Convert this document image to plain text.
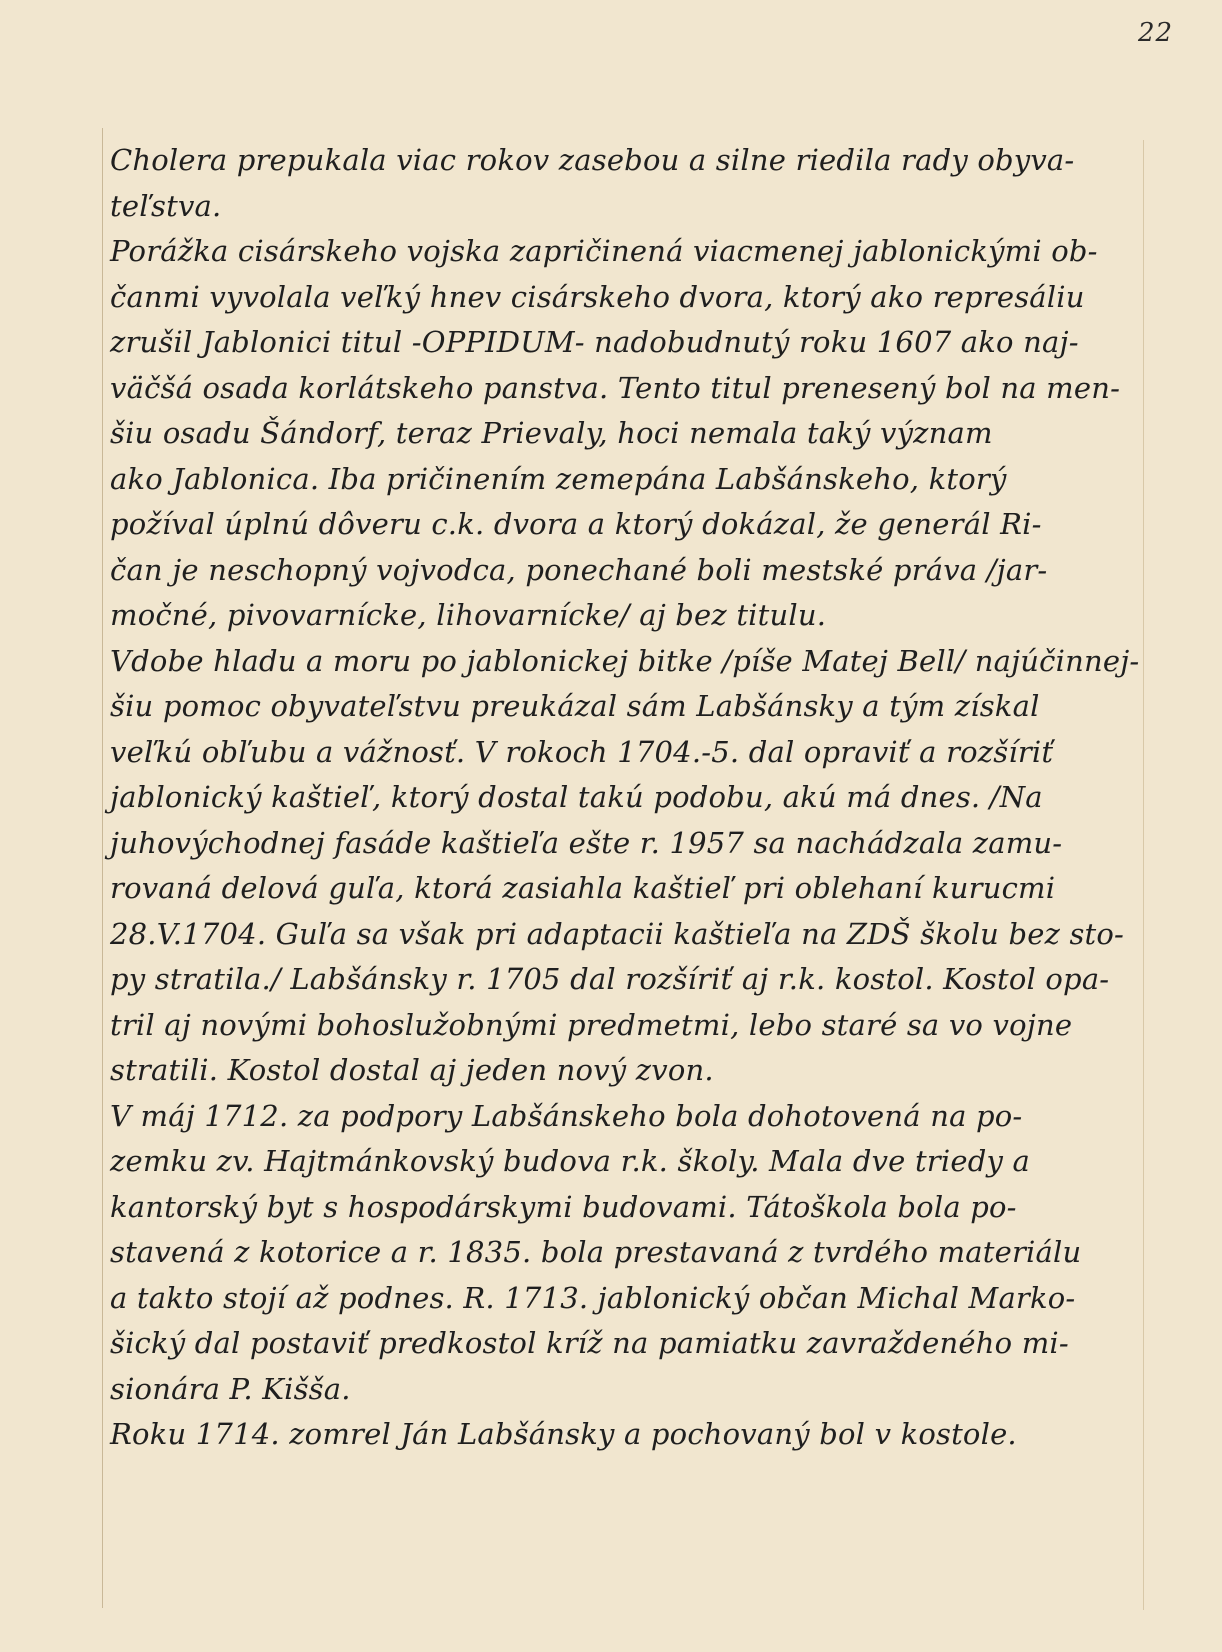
22
Cholera prepukala viac rokov zasebou a silne riedila rady obyva-
teľstva.
Porážka cisárskeho vojska zapričinená viacmenej jablonickými ob-
čanmi vyvolala veľký hnev cisárskeho dvora, ktorý ako represáliu
zrušil Jablonici titul -OPPIDUM- nadobudnutý roku 1607 ako naj-
väčšá osada korlátskeho panstva. Tento titul prenesený bol na men-
šiu osadu Šándorf, teraz Prievaly, hoci nemala taký význam
ako Jablonica. Iba pričinením zemepána Labšánskeho, ktorý
požíval úplnú dôveru c.k. dvora a ktorý dokázal, že generál Ri-
čan je neschopný vojvodca, ponechané boli mestské práva /jar-
močné, pivovarnícke, lihovarnícke/ aj bez titulu.
Vdobe hladu a moru po jablonickej bitke /píše Matej Bell/ najúčinnej-
šiu pomoc obyvateľstvu preukázal sám Labšánsky a tým získal
veľkú obľubu a vážnosť. V rokoch 1704.-5. dal opraviť a rozšíriť
jablonický kaštieľ, ktorý dostal takú podobu, akú má dnes. /Na
juhovýchodnej fasáde kaštieľa ešte r. 1957 sa nachádzala zamu-
rovaná delová guľa, ktorá zasiahla kaštieľ pri oblehaní kurucmi
28.V.1704. Guľa sa však pri adaptacii kaštieľa na ZDŠ školu bez sto-
py stratila./ Labšánsky r. 1705 dal rozšíriť aj r.k. kostol. Kostol opa-
tril aj novými bohoslužobnými predmetmi, lebo staré sa vo vojne
stratili. Kostol dostal aj jeden nový zvon.
V máj 1712. za podpory Labšánskeho bola dohotovená na po-
zemku zv. Hajtmánkovský budova r.k. školy. Mala dve triedy a
kantorský byt s hospodárskymi budovami. Tátoškola bola po-
stavená z kotorice a r. 1835. bola prestavaná z tvrdého materiálu
a takto stojí až podnes. R. 1713. jablonický občan Michal Marko-
šický dal postaviť predkostol kríž na pamiatku zavraždeného mi-
sionára P. Kišša.
Roku 1714. zomrel Ján Labšánsky a pochovaný bol v kostole.
